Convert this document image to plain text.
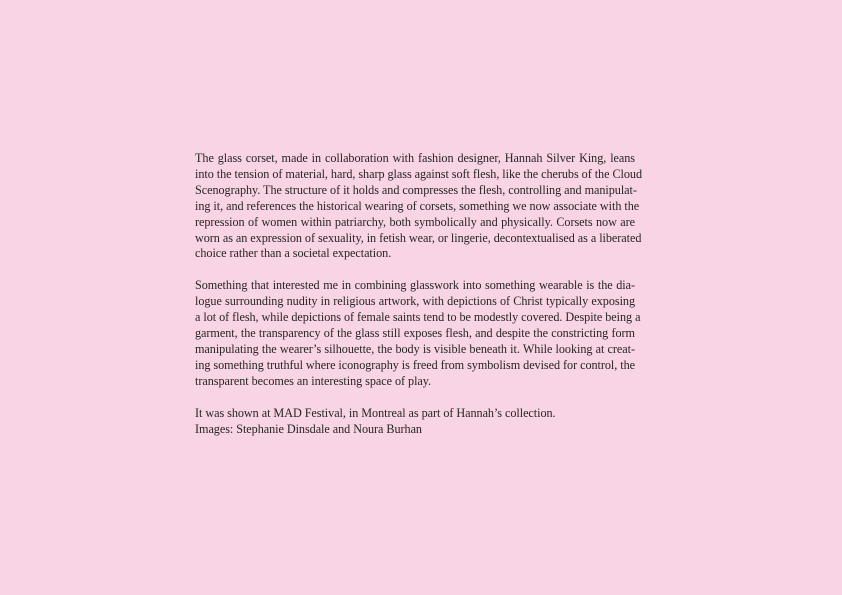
The glass corset, made in collaboration with fashion designer, Hannah Silver King, leans
into the tension of material, hard, sharp glass against soft flesh, like the cherubs of the Cloud
Scenography. The structure of it holds and compresses the flesh, controlling and manipulat-
ing it, and references the historical wearing of corsets, something we now associate with the
repression of women within patriarchy, both symbolically and physically. Corsets now are
worn as an expression of sexuality, in fetish wear, or lingerie, decontextualised as a liberated
choice rather than a societal expectation.

Something that interested me in combining glasswork into something wearable is the dia-
logue surrounding nudity in religious artwork, with depictions of Christ typically exposing
a lot of flesh, while depictions of female saints tend to be modestly covered. Despite being a
garment, the transparency of the glass still exposes flesh, and despite the constricting form
manipulating the wearer’s silhouette, the body is visible beneath it. While looking at creat-
ing something truthful where iconography is freed from symbolism devised for control, the
transparent becomes an interesting space of play.

It was shown at MAD Festival, in Montreal as part of Hannah’s collection.
Images: Stephanie Dinsdale and Noura Burhan
